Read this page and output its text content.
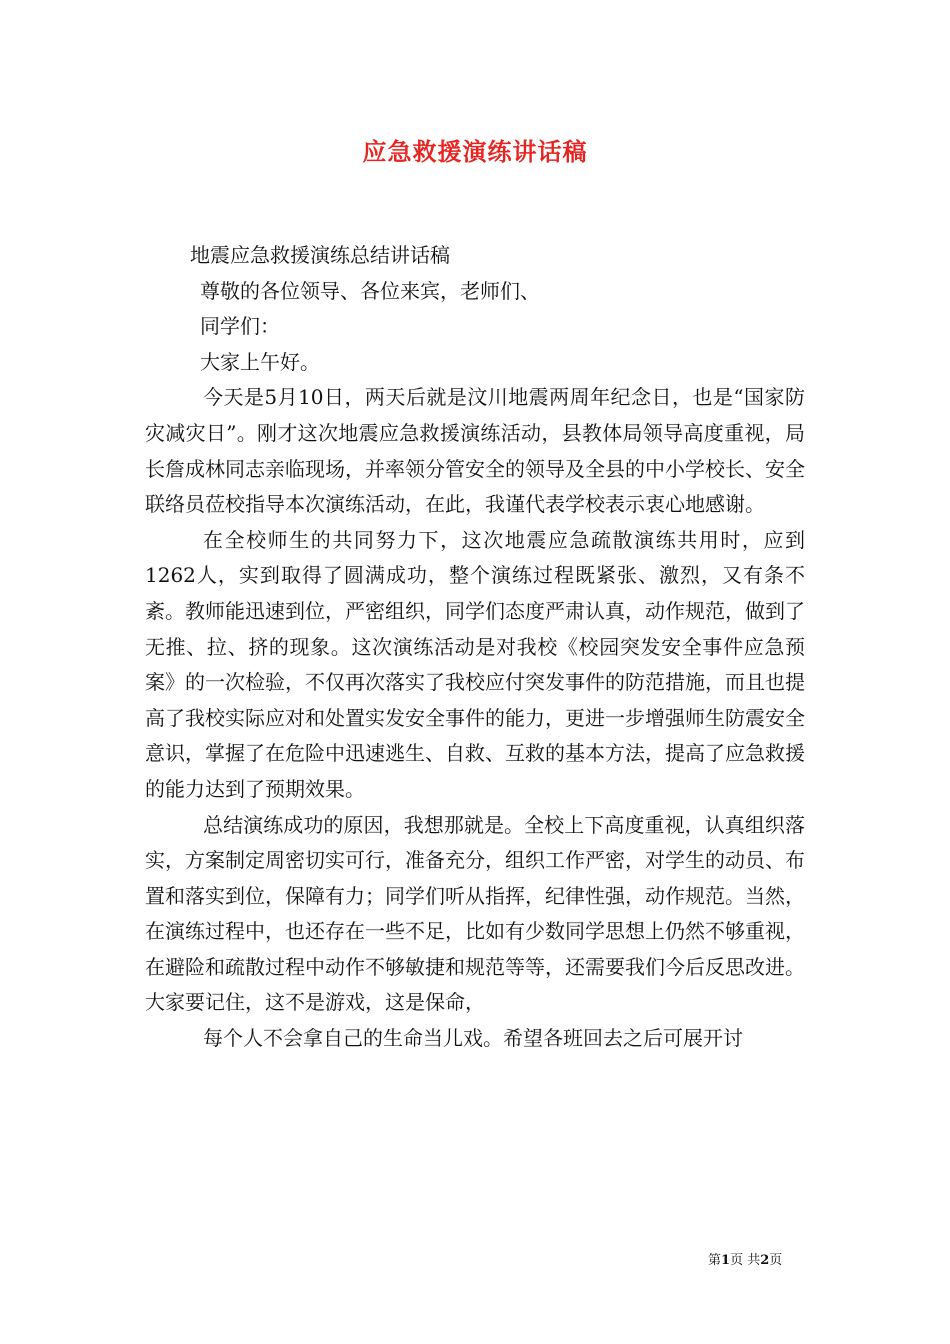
应急救援演练讲话稿

地震应急救援演练总结讲话稿

尊敬的各位领导、各位来宾，老师们、

同学们：

大家上午好。

今天是5月10日，两天后就是汶川地震两周年纪念日，也是“国家防灾减灾日”。刚才这次地震应急救援演练活动，县教体局领导高度重视，局长詹成林同志亲临现场，并率领分管安全的领导及全县的中小学校长、安全联络员莅校指导本次演练活动，在此，我谨代表学校表示衷心地感谢。

在全校师生的共同努力下，这次地震应急疏散演练共用时，应到1262人，实到取得了圆满成功，整个演练过程既紧张、激烈，又有条不紊。教师能迅速到位，严密组织，同学们态度严肃认真，动作规范，做到了无推、拉、挤的现象。这次演练活动是对我校《校园突发安全事件应急预案》的一次检验，不仅再次落实了我校应付突发事件的防范措施，而且也提高了我校实际应对和处置实发安全事件的能力，更进一步增强师生防震安全意识，掌握了在危险中迅速逃生、自救、互救的基本方法，提高了应急救援的能力达到了预期效果。

总结演练成功的原因，我想那就是。全校上下高度重视，认真组织落实，方案制定周密切实可行，准备充分，组织工作严密，对学生的动员、布置和落实到位，保障有力；同学们听从指挥，纪律性强，动作规范。当然，在演练过程中，也还存在一些不足，比如有少数同学思想上仍然不够重视，在避险和疏散过程中动作不够敏捷和规范等等，还需要我们今后反思改进。大家要记住，这不是游戏，这是保命，

每个人不会拿自己的生命当儿戏。希望各班回去之后可展开讨

第1页 共2页
